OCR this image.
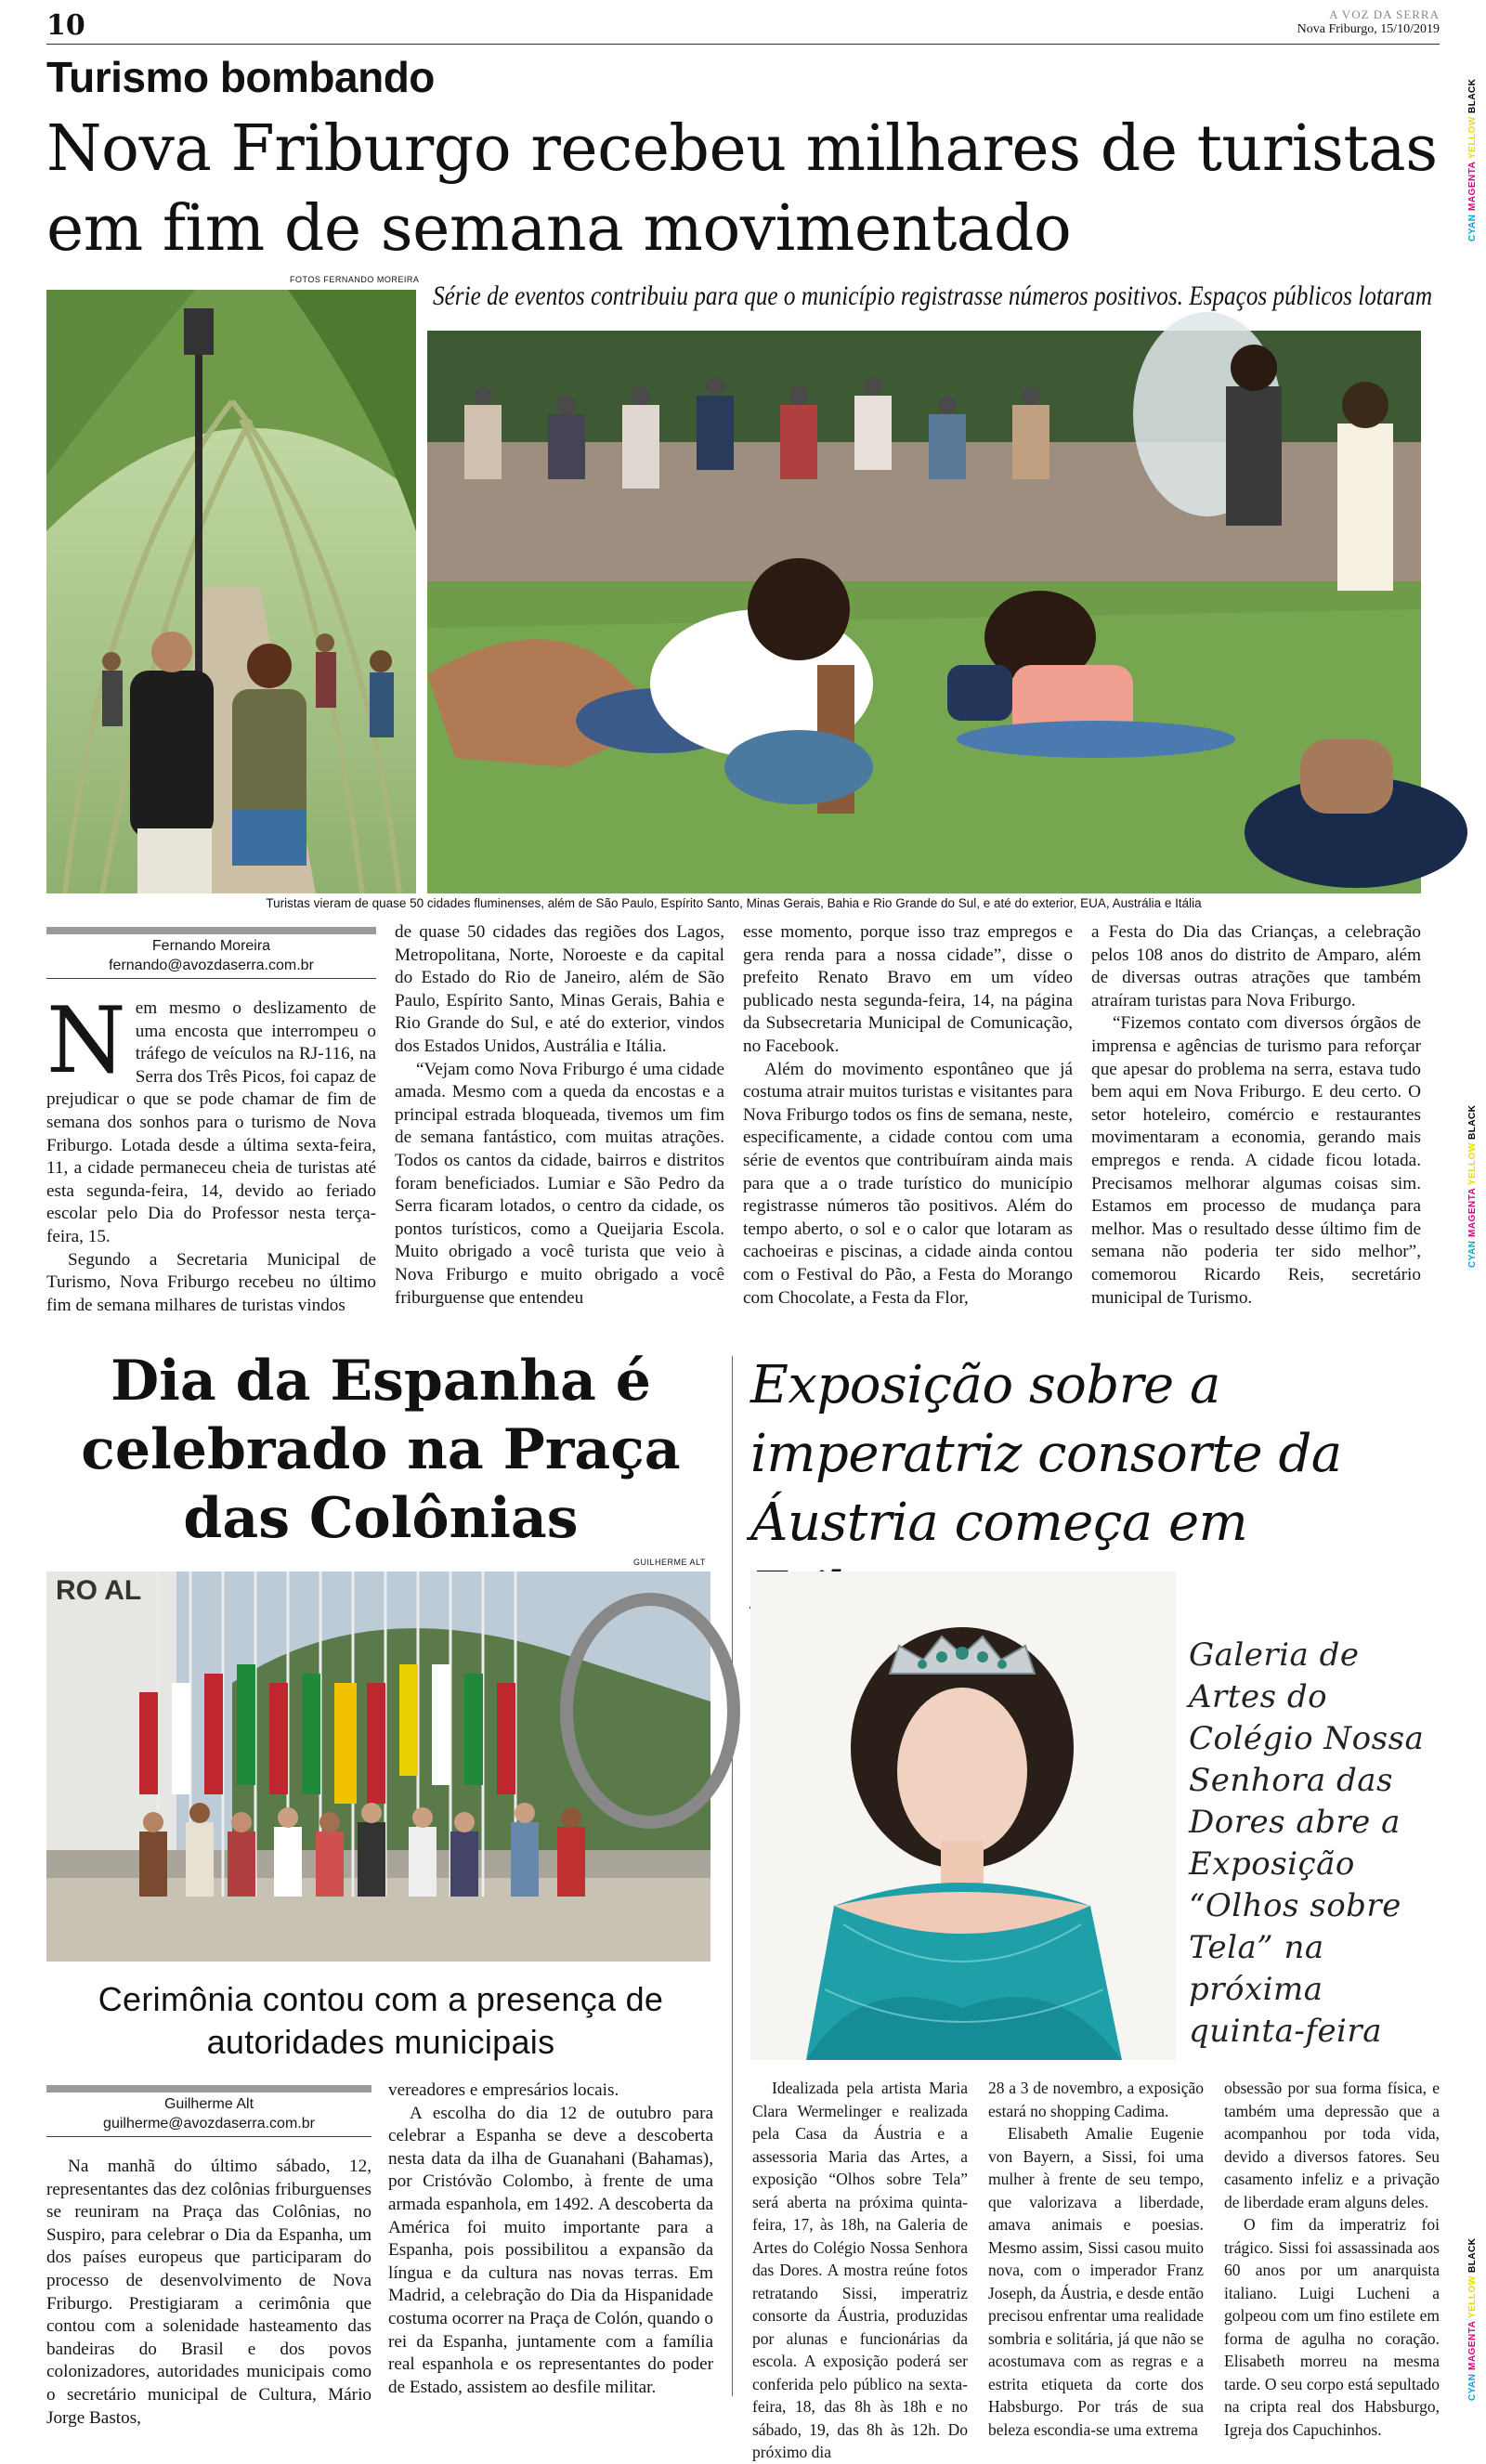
10	A VOZ DA SERRA
Nova Friburgo, 15/10/2019
CYAN MAGENTA YELLOW BLACK
CYAN MAGENTA YELLOW BLACK
CYAN MAGENTA YELLOW BLACK
Turismo bombando
Nova Friburgo recebeu milhares de turistas em fim de semana movimentado
FOTOS FERNANDO MOREIRA
Série de eventos contribuiu para que o município registrasse números positivos. Espaços públicos lotaram
Turistas vieram de quase 50 cidades fluminenses, além de São Paulo, Espírito Santo, Minas Gerais, Bahia e Rio Grande do Sul, e até do exterior, EUA, Austrália e Itália
Fernando Moreira
fernando@avozdaserra.com.br

Nem mesmo o deslizamento de uma encosta que interrompeu o tráfego de veículos na RJ-116, na Serra dos Três Picos, foi capaz de prejudicar o que se pode chamar de fim de semana dos sonhos para o turismo de Nova Friburgo. Lotada desde a última sexta-feira, 11, a cidade permaneceu cheia de turistas até esta segunda-feira, 14, devido ao feriado escolar pelo Dia do Professor nesta terça-feira, 15.

Segundo a Secretaria Municipal de Turismo, Nova Friburgo recebeu no último fim de semana milhares de turistas vindos

de quase 50 cidades das regiões dos Lagos, Metropolitana, Norte, Noroeste e da capital do Estado do Rio de Janeiro, além de São Paulo, Espírito Santo, Minas Gerais, Bahia e Rio Grande do Sul, e até do exterior, vindos dos Estados Unidos, Austrália e Itália.

“Vejam como Nova Friburgo é uma cidade amada. Mesmo com a queda da encostas e a principal estrada bloqueada, tivemos um fim de semana fantástico, com muitas atrações. Todos os cantos da cidade, bairros e distritos foram beneficiados. Lumiar e São Pedro da Serra ficaram lotados, o centro da cidade, os pontos turísticos, como a Queijaria Escola. Muito obrigado a você turista que veio à Nova Friburgo e muito obrigado a você friburguense que entendeu

esse momento, porque isso traz empregos e gera renda para a nossa cidade”, disse o prefeito Renato Bravo em um vídeo publicado nesta segunda-feira, 14, na página da Subsecretaria Municipal de Comunicação, no Facebook.

Além do movimento espontâneo que já costuma atrair muitos turistas e visitantes para Nova Friburgo todos os fins de semana, neste, especificamente, a cidade contou com uma série de eventos que contribuíram ainda mais para que a o trade turístico do município registrasse números tão positivos. Além do tempo aberto, o sol e o calor que lotaram as cachoeiras e piscinas, a cidade ainda contou com o Festival do Pão, a Festa do Morango com Chocolate, a Festa da Flor,

a Festa do Dia das Crianças, a celebração pelos 108 anos do distrito de Amparo, além de diversas outras atrações que também atraíram turistas para Nova Friburgo.

“Fizemos contato com diversos órgãos de imprensa e agências de turismo para reforçar que apesar do problema na serra, estava tudo bem aqui em Nova Friburgo. E deu certo. O setor hoteleiro, comércio e restaurantes movimentaram a economia, gerando mais empregos e renda. A cidade ficou lotada. Precisamos melhorar algumas coisas sim. Estamos em processo de mudança para melhor. Mas o resultado desse último fim de semana não poderia ter sido melhor”, comemorou Ricardo Reis, secretário municipal de Turismo.

Dia da Espanha é celebrado na Praça das Colônias
GUILHERME ALT
RO AL
Cerimônia contou com a presença de autoridades municipais
Guilherme Alt
guilherme@avozdaserra.com.br

Na manhã do último sábado, 12, representantes das dez colônias friburguenses se reuniram na Praça das Colônias, no Suspiro, para celebrar o Dia da Espanha, um dos países europeus que participaram do processo de desenvolvimento de Nova Friburgo. Prestigiaram a cerimônia que contou com a solenidade hasteamento das bandeiras do Brasil e dos povos colonizadores, autoridades municipais como o secretário municipal de Cultura, Mário Jorge Bastos,

vereadores e empresários locais.

A escolha do dia 12 de outubro para celebrar a Espanha se deve a descoberta nesta data da ilha de Guanahani (Bahamas), por Cristóvão Colombo, à frente de uma armada espanhola, em 1492. A descoberta da América foi muito importante para a Espanha, pois possibilitou a expansão da língua e da cultura nas novas terras. Em Madrid, a celebração do Dia da Hispanidade costuma ocorrer na Praça de Colón, quando o rei da Espanha, juntamente com a família real espanhola e os representantes do poder de Estado, assistem ao desfile militar.

Exposição sobre a imperatriz consorte da Áustria começa em
Galeria de Artes do Colégio Nossa Senhora das Dores abre a Exposição “Olhos sobre Tela” na próxima quinta-feira

Idealizada pela artista Maria Clara Wermelinger e realizada pela Casa da Áustria e a assessoria Maria das Artes, a exposição “Olhos sobre Tela” será aberta na próxima quinta-feira, 17, às 18h, na Galeria de Artes do Colégio Nossa Senhora das Dores. A mostra reúne fotos retratando Sissi, imperatriz consorte da Áustria, produzidas por alunas e funcionárias da escola. A exposição poderá ser conferida pelo público na sexta-feira, 18, das 8h às 18h e no sábado, 19, das 8h às 12h. Do próximo dia

28 a 3 de novembro, a exposição estará no shopping Cadima.

Elisabeth Amalie Eugenie von Bayern, a Sissi, foi uma mulher à frente de seu tempo, que valorizava a liberdade, amava animais e poesias. Mesmo assim, Sissi casou muito nova, com o imperador Franz Joseph, da Áustria, e desde então precisou enfrentar uma realidade sombria e solitária, já que não se acostumava com as regras e a estrita etiqueta da corte dos Habsburgo. Por trás de sua beleza escondia-se uma extrema

obsessão por sua forma física, e também uma depressão que a acompanhou por toda vida, devido a diversos fatores. Seu casamento infeliz e a privação de liberdade eram alguns deles.

O fim da imperatriz foi trágico. Sissi foi assassinada aos 60 anos por um anarquista italiano. Luigi Lucheni a golpeou com um fino estilete em forma de agulha no coração. Elisabeth morreu na mesma tarde. O seu corpo está sepultado na cripta real dos Habsburgo, Igreja dos Capuchinhos.
